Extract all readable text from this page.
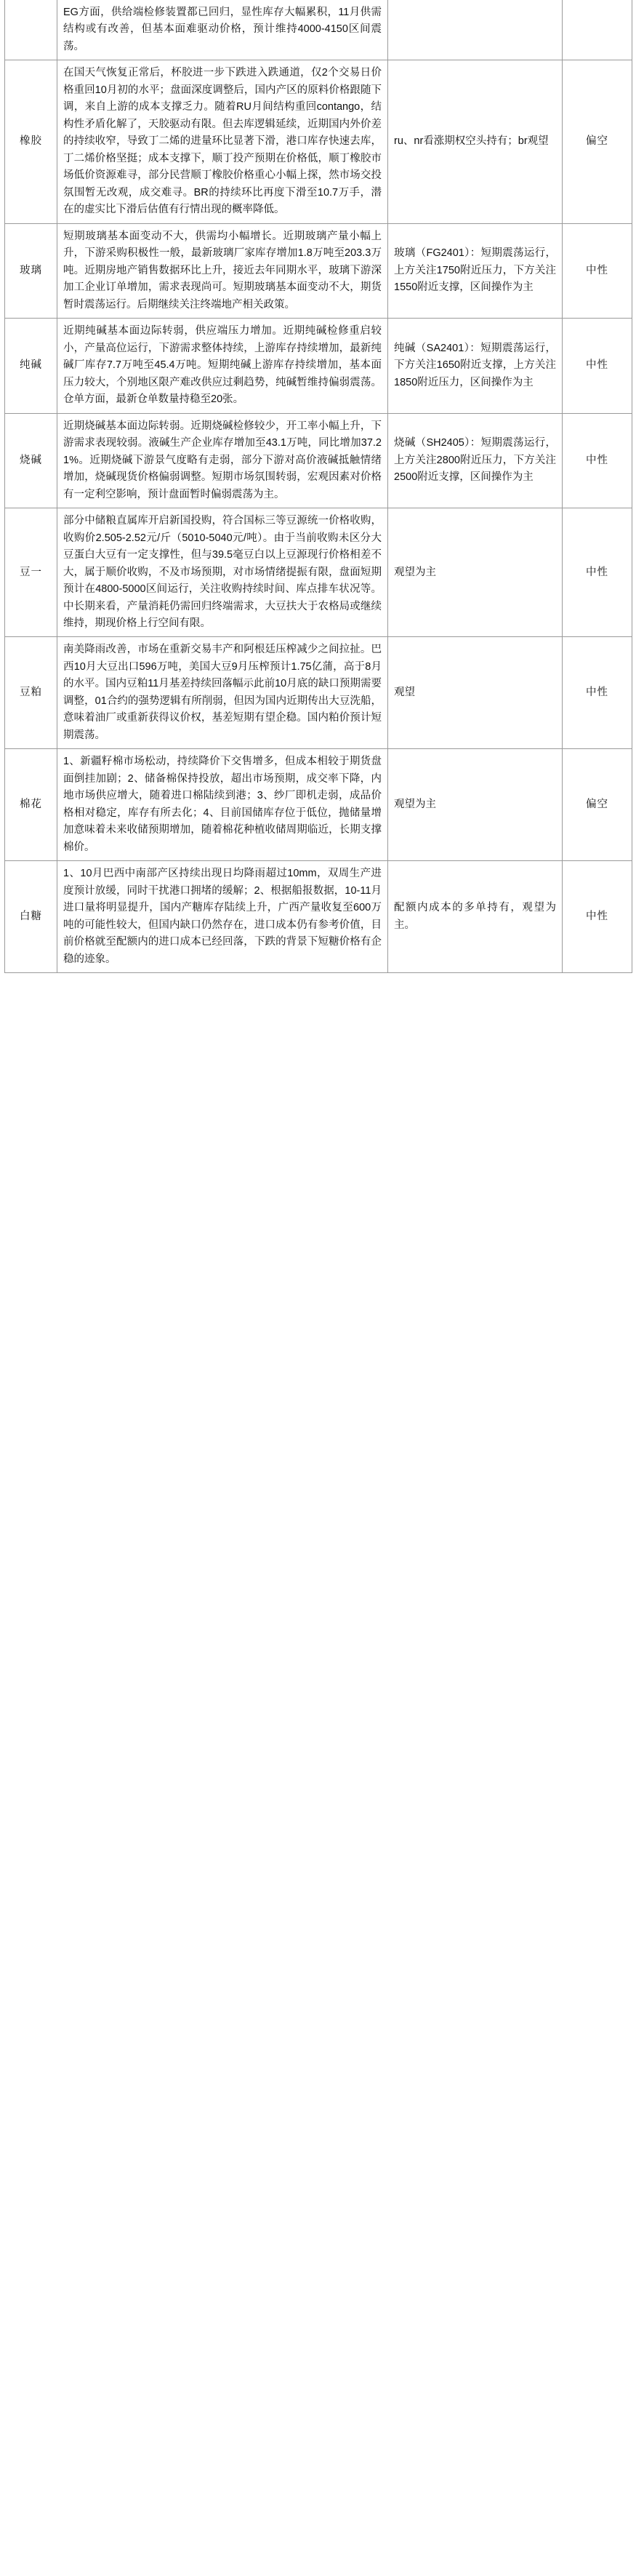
	EG方面，供给端检修装置都已回归，显性库存大幅累积，11月供需结构或有改善，但基本面难驱动价格，预计维持4000-4150区间震荡。		
橡胶	在国天气恢复正常后，杯胶进一步下跌进入跌通道，仅2个交易日价格重回10月初的水平；盘面深度调整后，国内产区的原料价格跟随下调，来自上游的成本支撑乏力。随着RU月间结构重回contango，结构性矛盾化解了，天胶驱动有限。但去库逻辑延续，近期国内外价差的持续收窄，导致丁二烯的进量环比显著下滑，港口库存快速去库，丁二烯价格坚挺；成本支撑下，顺丁投产预期在价格低，顺丁橡胶市场低价资源难寻，部分民营顺丁橡胶价格重心小幅上探，然市场交投氛围暂无改观，成交难寻。BR的持续环比再度下滑至10.7万手，潜在的虚实比下滑后估值有行情出现的概率降低。	ru、nr看涨期权空头持有；br观望	偏空
玻璃	短期玻璃基本面变动不大，供需均小幅增长。近期玻璃产量小幅上升，下游采购积极性一般，最新玻璃厂家库存增加1.8万吨至203.3万吨。近期房地产销售数据环比上升，接近去年同期水平，玻璃下游深加工企业订单增加，需求表现尚可。短期玻璃基本面变动不大，期货暂时震荡运行。后期继续关注终端地产相关政策。	玻璃（FG2401）：短期震荡运行，上方关注1750附近压力，下方关注1550附近支撑，区间操作为主	中性
纯碱	近期纯碱基本面边际转弱，供应端压力增加。近期纯碱检修重启较小，产量高位运行，下游需求整体持续，上游库存持续增加，最新纯碱厂库存7.7万吨至45.4万吨。短期纯碱上游库存持续增加，基本面压力较大，个别地区限产难改供应过剩趋势，纯碱暂维持偏弱震荡。仓单方面，最新仓单数量持稳至20张。	纯碱（SA2401）：短期震荡运行，下方关注1650附近支撑，上方关注1850附近压力，区间操作为主	中性
烧碱	近期烧碱基本面边际转弱。近期烧碱检修较少，开工率小幅上升，下游需求表现较弱。液碱生产企业库存增加至43.1万吨，同比增加37.21%。近期烧碱下游景气度略有走弱，部分下游对高价液碱抵触情绪增加，烧碱现货价格偏弱调整。短期市场氛围转弱，宏观因素对价格有一定利空影响，预计盘面暂时偏弱震荡为主。	烧碱（SH2405）：短期震荡运行，上方关注2800附近压力，下方关注2500附近支撑，区间操作为主	中性
豆一	部分中储粮直属库开启新国投购，符合国标三等豆源统一价格收购，收购价2.505-2.52元/斤（5010-5040元/吨）。由于当前收购未区分大豆蛋白大豆有一定支撑性，但与39.5毫豆白以上豆源现行价格相差不大，属于顺价收购，不及市场预期，对市场情绪提振有限，盘面短期预计在4800-5000区间运行，关注收购持续时间、库点排车状况等。中长期来看，产量消耗仍需回归终端需求，大豆扶大于农格局或继续维持，期现价格上行空间有限。	观望为主	中性
豆粕	南美降雨改善，市场在重新交易丰产和阿根廷压榨减少之间拉扯。巴西10月大豆出口596万吨，美国大豆9月压榨预计1.75亿蒲，高于8月的水平。国内豆粕11月基差持续回落幅示此前10月底的缺口预期需要调整，01合约的强势逻辑有所削弱，但因为国内近期传出大豆洗船，意味着油厂或重新获得议价权，基差短期有望企稳。国内粕价预计短期震荡。	观望	中性
棉花	1、新疆籽棉市场松动，持续降价下交售增多，但成本相较于期货盘面倒挂加剧；2、储备棉保持投放，超出市场预期，成交率下降，内地市场供应增大，随着进口棉陆续到港；3、纱厂即机走弱，成品价格相对稳定，库存有所去化；4、目前国储库存位于低位，抛储量增加意味着未来收储预期增加，随着棉花种植收储周期临近，长期支撑棉价。	观望为主	偏空
白糖	1、10月巴西中南部产区持续出现日均降雨超过10mm，双周生产进度预计放缓，同时干扰港口拥堵的缓解；2、根据船报数据，10-11月进口量将明显提升，国内产糖库存陆续上升，广西产量收复至600万吨的可能性较大，但国内缺口仍然存在，进口成本仍有参考价值，目前价格就至配额内的进口成本已经回落，下跌的背景下短糖价格有企稳的迹象。	配额内成本的多单持有，观望为主。	中性
